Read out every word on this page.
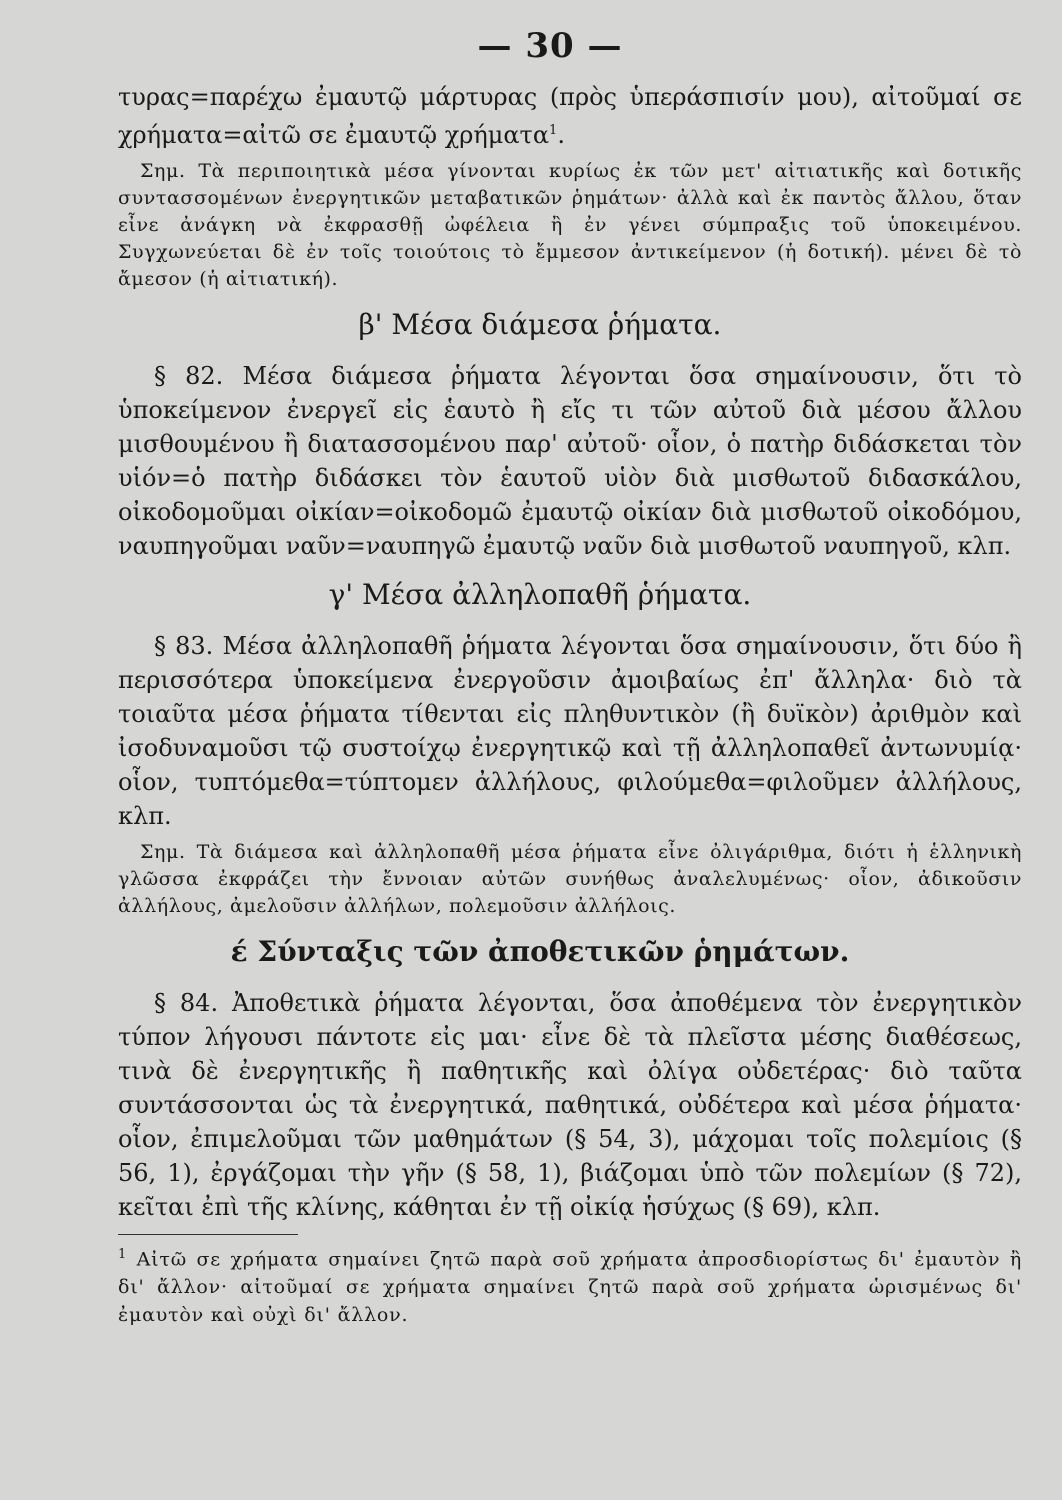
— 30 —

τυρας=παρέχω ἐμαυτῷ μάρτυρας (πρὸς ὑπεράσπισίν μου), αἰτοῦμαί σε χρήματα=αἰτῶ σε ἐμαυτῷ χρήματα$^1$.

Σημ. Τὰ περιποιητικὰ μέσα γίνονται κυρίως ἐκ τῶν μετ' αἰτιατικῆς καὶ δοτικῆς συντασσομένων ἐνεργητικῶν μεταβατικῶν ῥημάτων· ἀλλὰ καὶ ἐκ παντὸς ἄλλου, ὅταν εἶνε ἀνάγκη νὰ ἐκφρασθῇ ὠφέλεια ἢ ἐν γένει σύμπραξις τοῦ ὑποκειμένου. Συγχωνεύεται δὲ ἐν τοῖς τοιούτοις τὸ ἔμμεσον ἀντικείμενον (ἡ δοτική). μένει δὲ τὸ ἄμεσον (ἡ αἰτιατική).
β' Μέσα διάμεσα ῥήματα.

§ 82. Μέσα διάμεσα ῥήματα λέγονται ὅσα σημαίνουσιν, ὅτι τὸ ὑποκείμενον ἐνεργεῖ εἰς ἑαυτὸ ἢ εἴς τι τῶν αὐτοῦ διὰ μέσου ἄλλου μισθουμένου ἢ διατασσομένου παρ' αὐτοῦ· οἷον, ὁ πατὴρ διδάσκεται τὸν υἱόν=ὁ πατὴρ διδάσκει τὸν ἑαυτοῦ υἱὸν διὰ μισθωτοῦ διδασκάλου, οἰκοδομοῦμαι οἰκίαν=οἰκοδομῶ ἐμαυτῷ οἰκίαν διὰ μισθωτοῦ οἰκοδόμου, ναυπηγοῦμαι ναῦν=ναυπηγῶ ἐμαυτῷ ναῦν διὰ μισθωτοῦ ναυπηγοῦ, κλπ.

γ' Μέσα ἀλληλοπαθῆ ῥήματα.

§ 83. Μέσα ἀλληλοπαθῆ ῥήματα λέγονται ὅσα σημαίνουσιν, ὅτι δύο ἢ περισσότερα ὑποκείμενα ἐνεργοῦσιν ἀμοιβαίως ἐπ' ἄλληλα· διὸ τὰ τοιαῦτα μέσα ῥήματα τίθενται εἰς πληθυντικὸν (ἢ δυϊκὸν) ἀριθμὸν καὶ ἰσοδυναμοῦσι τῷ συστοίχῳ ἐνεργητικῷ καὶ τῇ ἀλληλοπαθεῖ ἀντωνυμίᾳ· οἷον, τυπτόμεθα=τύπτομεν ἀλλήλους, φιλούμεθα=φιλοῦμεν ἀλλήλους, κλπ.

Σημ. Τὰ διάμεσα καὶ ἀλληλοπαθῆ μέσα ῥήματα εἶνε ὀλιγάριθμα, διότι ἡ ἑλληνικὴ γλῶσσα ἐκφράζει τὴν ἔννοιαν αὐτῶν συνήθως ἀναλελυμένως· οἷον, ἀδικοῦσιν ἀλλήλους, ἀμελοῦσιν ἀλλήλων, πολεμοῦσιν ἀλλήλοις.
έ Σύνταξις τῶν ἀποθετικῶν ῥημάτων.

§ 84. Ἀποθετικὰ ῥήματα λέγονται, ὅσα ἀποθέμενα τὸν ἐνεργητικὸν τύπον λήγουσι πάντοτε εἰς μαι· εἶνε δὲ τὰ πλεῖστα μέσης διαθέσεως, τινὰ δὲ ἐνεργητικῆς ἢ παθητικῆς καὶ ὀλίγα οὐδετέρας· διὸ ταῦτα συντάσσονται ὡς τὰ ἐνεργητικά, παθητικά, οὐδέτερα καὶ μέσα ῥήματα· οἷον, ἐπιμελοῦμαι τῶν μαθημάτων (§ 54, 3), μάχομαι τοῖς πολεμίοις (§ 56, 1), ἐργάζομαι τὴν γῆν (§ 58, 1), βιάζομαι ὑπὸ τῶν πολεμίων (§ 72), κεῖται ἐπὶ τῆς κλίνης, κάθηται ἐν τῇ οἰκίᾳ ἡσύχως (§ 69), κλπ.

$^1$ Αἰτῶ σε χρήματα σημαίνει ζητῶ παρὰ σοῦ χρήματα ἀπροσδιορίστως δι' ἐμαυτὸν ἢ δι' ἄλλον· αἰτοῦμαί σε χρήματα σημαίνει ζητῶ παρὰ σοῦ χρήματα ὡρισμένως δι' ἐμαυτὸν καὶ οὐχὶ δι' ἄλλον.
